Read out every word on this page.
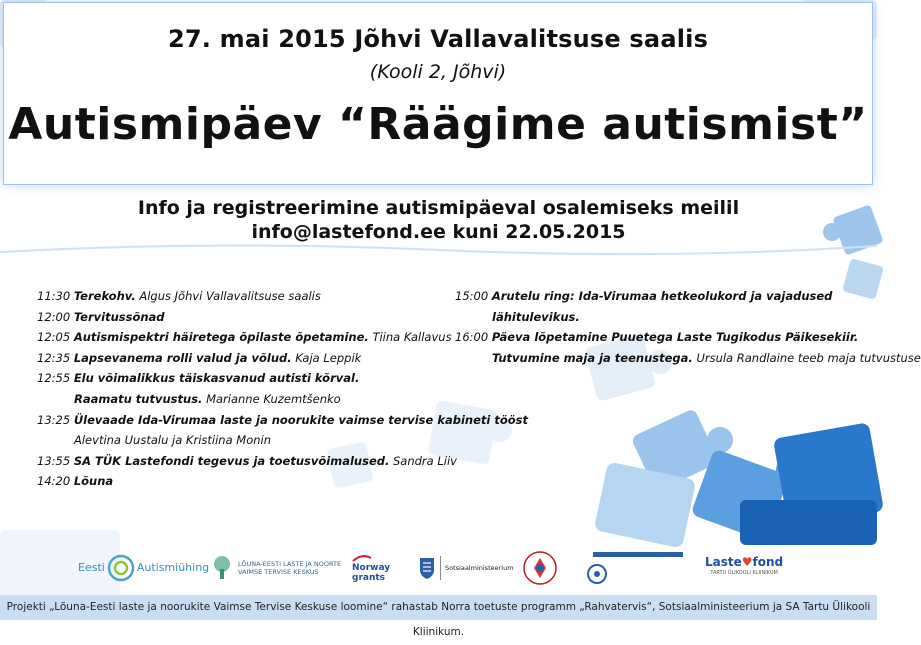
27. mai 2015 Jõhvi Vallavalitsuse saalis
(Kooli 2, Jõhvi)
Autismipäev “Räägime autismist”
Info ja registreerimine autismipäeval osalemiseks meilil
info@lastefond.ee kuni 22.05.2015
11:30 Terekohv. Algus Jõhvi Vallavalitsuse saalis
12:00 Tervitussõnad
12:05 Autismispektri häiretega õpilaste õpetamine. Tiina Kallavus
12:35 Lapsevanema rolli valud ja võlud. Kaja Leppik
12:55 Elu võimalikkus täiskasvanud autisti kõrval.
Raamatu tutvustus. Marianne Kuzemtšenko
13:25 Ülevaade Ida-Virumaa laste ja noorukite vaimse tervise kabineti tööst
Alevtina Uustalu ja Kristiina Monin
13:55 SA TÜK Lastefondi tegevus ja toetusvõimalused. Sandra Liiv
14:20 Lõuna
15:00 Arutelu ring: Ida-Virumaa hetkeolukord ja vajadused
lähitulevikus.
16:00 Päeva lõpetamine Puuetega Laste Tugikodus Päikesekiir.
Tutvumine maja ja teenustega. Ursula Randlaine teeb maja tutvustuse
Eesti	Autismiühing	LÕUNA-EESTI LASTE JA NOORTE
VAIMSE TERVISE KESKUS	Norway
grants
Sotsiaalministeerium	Laste♥fond
TARTU ÜLIKOOLI KLIINIKUM
Projekti „Lõuna-Eesti laste ja noorukite Vaimse Tervise Keskuse loomine“ rahastab Norra toetuste programm „Rahvatervis“, Sotsiaalministeerium ja SA Tartu Ülikooli Kliinikum.
